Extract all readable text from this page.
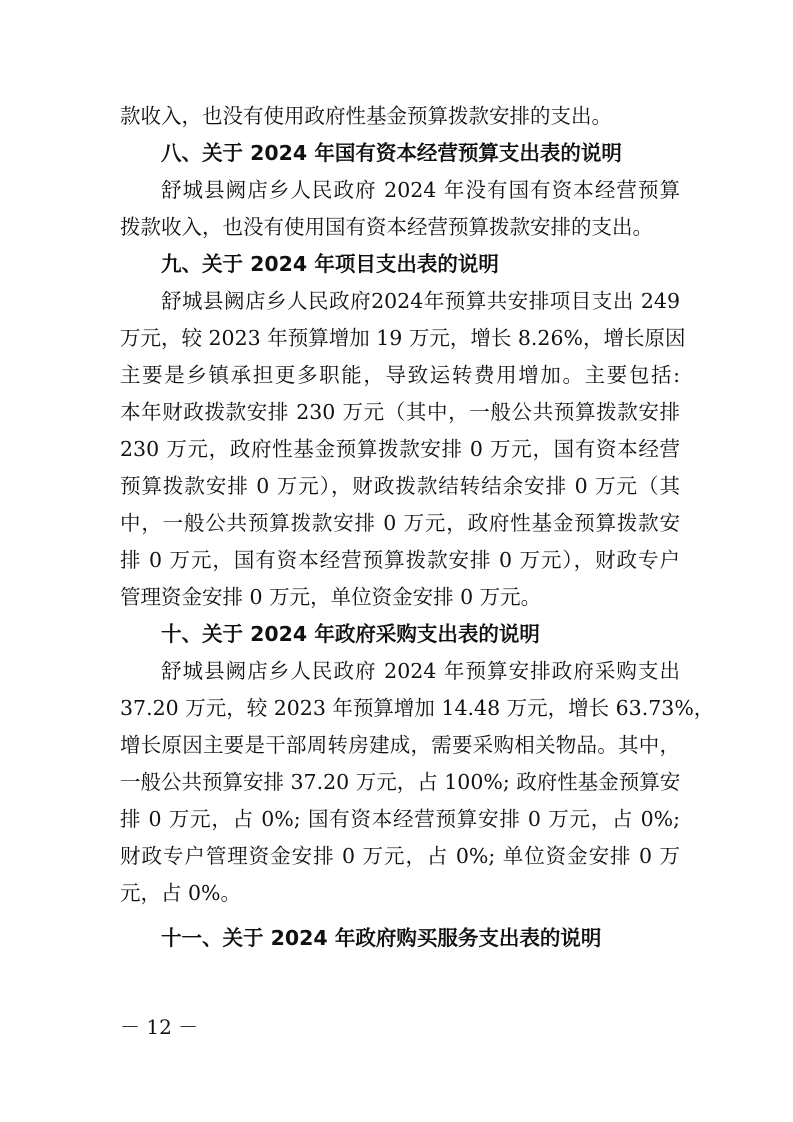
款收入，也没有使用政府性基金预算拨款安排的支出。
八、关于 2024 年国有资本经营预算支出表的说明
舒城县阙店乡人民政府 2024 年没有国有资本经营预算
拨款收入，也没有使用国有资本经营预算拨款安排的支出。
九、关于 2024 年项目支出表的说明
舒城县阙店乡人民政府2024年预算共安排项目支出 249
万元，较 2023 年预算增加 19 万元，增长 8.26%，增长原因
主要是乡镇承担更多职能，导致运转费用增加。主要包括:
本年财政拨款安排 230 万元（其中，一般公共预算拨款安排
230 万元，政府性基金预算拨款安排 0 万元，国有资本经营
预算拨款安排 0 万元），财政拨款结转结余安排 0 万元（其
中，一般公共预算拨款安排 0 万元，政府性基金预算拨款安
排 0 万元，国有资本经营预算拨款安排 0 万元），财政专户
管理资金安排 0 万元，单位资金安排 0 万元。
十、关于 2024 年政府采购支出表的说明
舒城县阙店乡人民政府 2024 年预算安排政府采购支出
37.20 万元，较 2023 年预算增加 14.48 万元，增长 63.73%，
增长原因主要是干部周转房建成，需要采购相关物品。其中，
一般公共预算安排 37.20 万元，占 100%; 政府性基金预算安
排 0 万元，占 0%; 国有资本经营预算安排 0 万元，占 0%;
财政专户管理资金安排 0 万元，占 0%; 单位资金安排 0 万
元，占 0%。
十一、关于 2024 年政府购买服务支出表的说明
－ 12 －
